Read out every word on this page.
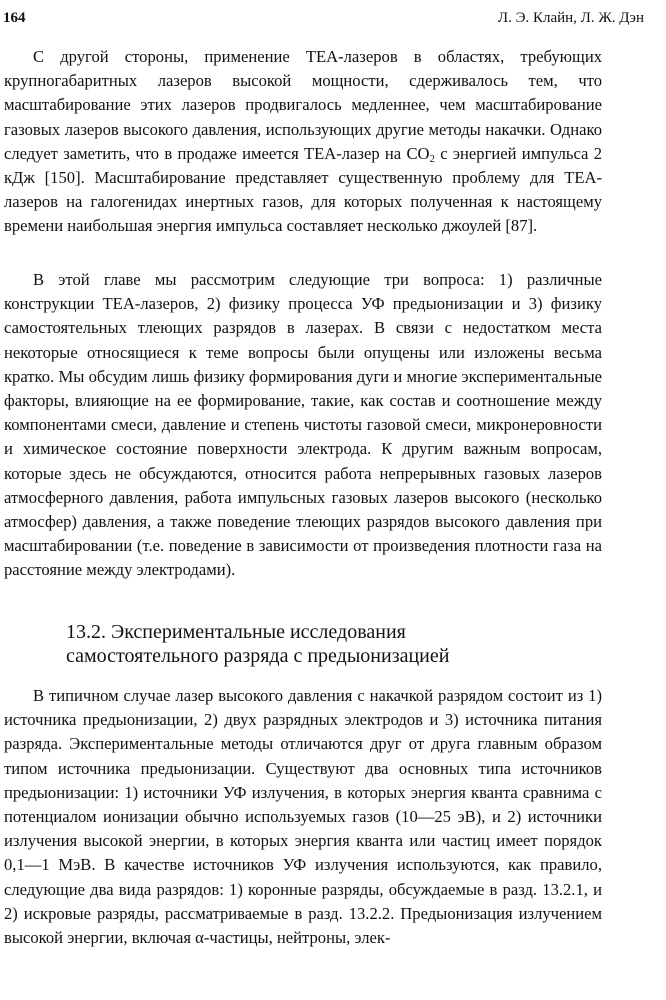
164	Л. Э. Клайн, Л. Ж. Дэн

С другой стороны, применение ТЕА-лазеров в областях, требующих крупногабаритных лазеров высокой мощности, сдерживалось тем, что масштабирование этих лазеров продвигалось медленнее, чем масштабирование газовых лазеров высокого давления, использующих другие методы накачки. Однако следует заметить, что в продаже имеется ТЕА-лазер на $CO_2$ с энергией импульса 2 кДж [150]. Масштабирование представляет существенную проблему для ТЕА-лазеров на галогенидах инертных газов, для которых полученная к настоящему времени наибольшая энергия импульса составляет несколько джоулей [87].

В этой главе мы рассмотрим следующие три вопроса: 1) различные конструкции ТЕА-лазеров, 2) физику процесса УФ предыонизации и 3) физику самостоятельных тлеющих разрядов в лазерах. В связи с недостатком места некоторые относящиеся к теме вопросы были опущены или изложены весьма кратко. Мы обсудим лишь физику формирования дуги и многие экспериментальные факторы, влияющие на ее формирование, такие, как состав и соотношение между компонентами смеси, давление и степень чистоты газовой смеси, микронеровности и химическое состояние поверхности электрода. К другим важным вопросам, которые здесь не обсуждаются, относится работа непрерывных газовых лазеров атмосферного давления, работа импульсных газовых лазеров высокого (несколько атмосфер) давления, а также поведение тлеющих разрядов высокого давления при масштабировании (т.е. поведение в зависимости от произведения плотности газа на расстояние между электродами).

13.2. Экспериментальные исследования
самостоятельного разряда с предыонизацией

В типичном случае лазер высокого давления с накачкой разрядом состоит из 1) источника предыонизации, 2) двух разрядных электродов и 3) источника питания разряда. Экспериментальные методы отличаются друг от друга главным образом типом источника предыонизации. Существуют два основных типа источников предыонизации: 1) источники УФ излучения, в которых энергия кванта сравнима с потенциалом ионизации обычно используемых газов (10—25 эВ), и 2) источники излучения высокой энергии, в которых энергия кванта или частиц имеет порядок 0,1—1 МэВ. В качестве источников УФ излучения используются, как правило, следующие два вида разрядов: 1) коронные разряды, обсуждаемые в разд. 13.2.1, и 2) искровые разряды, рассматриваемые в разд. 13.2.2. Предыонизация излучением высокой энергии, включая α-частицы, нейтроны, элек-
